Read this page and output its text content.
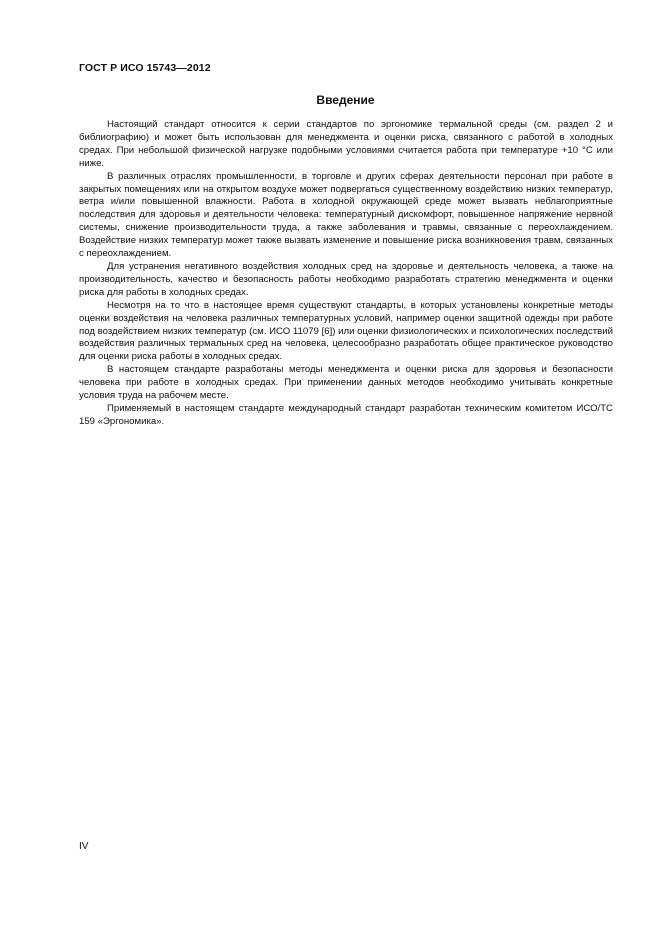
ГОСТ Р ИСО 15743—2012
Введение

Настоящий стандарт относится к серии стандартов по эргономике термальной среды (см. раздел 2 и библиографию) и может быть использован для менеджмента и оценки риска, связанного с работой в холодных средах. При небольшой физической нагрузке подобными условиями считается работа при температуре +10 °С или ниже.

В различных отраслях промышленности, в торговле и других сферах деятельности персонал при работе в закрытых помещениях или на открытом воздухе может подвергаться существенному воздействию низких температур, ветра и/или повышенной влажности. Работа в холодной окружающей среде может вызвать неблагоприятные последствия для здоровья и деятельности человека: температурный дискомфорт, повышенное напряжение нервной системы, снижение производительности труда, а также заболевания и травмы, связанные с переохлаждением. Воздействие низких температур может также вызвать изменение и повышение риска возникновения травм, связанных с переохлаждением.

Для устранения негативного воздействия холодных сред на здоровье и деятельность человека, а также на производительность, качество и безопасность работы необходимо разработать стратегию менеджмента и оценки риска для работы в холодных средах.

Несмотря на то что в настоящее время существуют стандарты, в которых установлены конкретные методы оценки воздействия на человека различных температурных условий, например оценки защитной одежды при работе под воздействием низких температур (см. ИСО 11079 [6]) или оценки физиологических и психологических последствий воздействия различных термальных сред на человека, целесообразно разработать общее практическое руководство для оценки риска работы в холодных средах.

В настоящем стандарте разработаны методы менеджмента и оценки риска для здоровья и безопасности человека при работе в холодных средах. При применении данных методов необходимо учитывать конкретные условия труда на рабочем месте.

Применяемый в настоящем стандарте международный стандарт разработан техническим комитетом ИСО/ТС 159 «Эргономика».

IV
